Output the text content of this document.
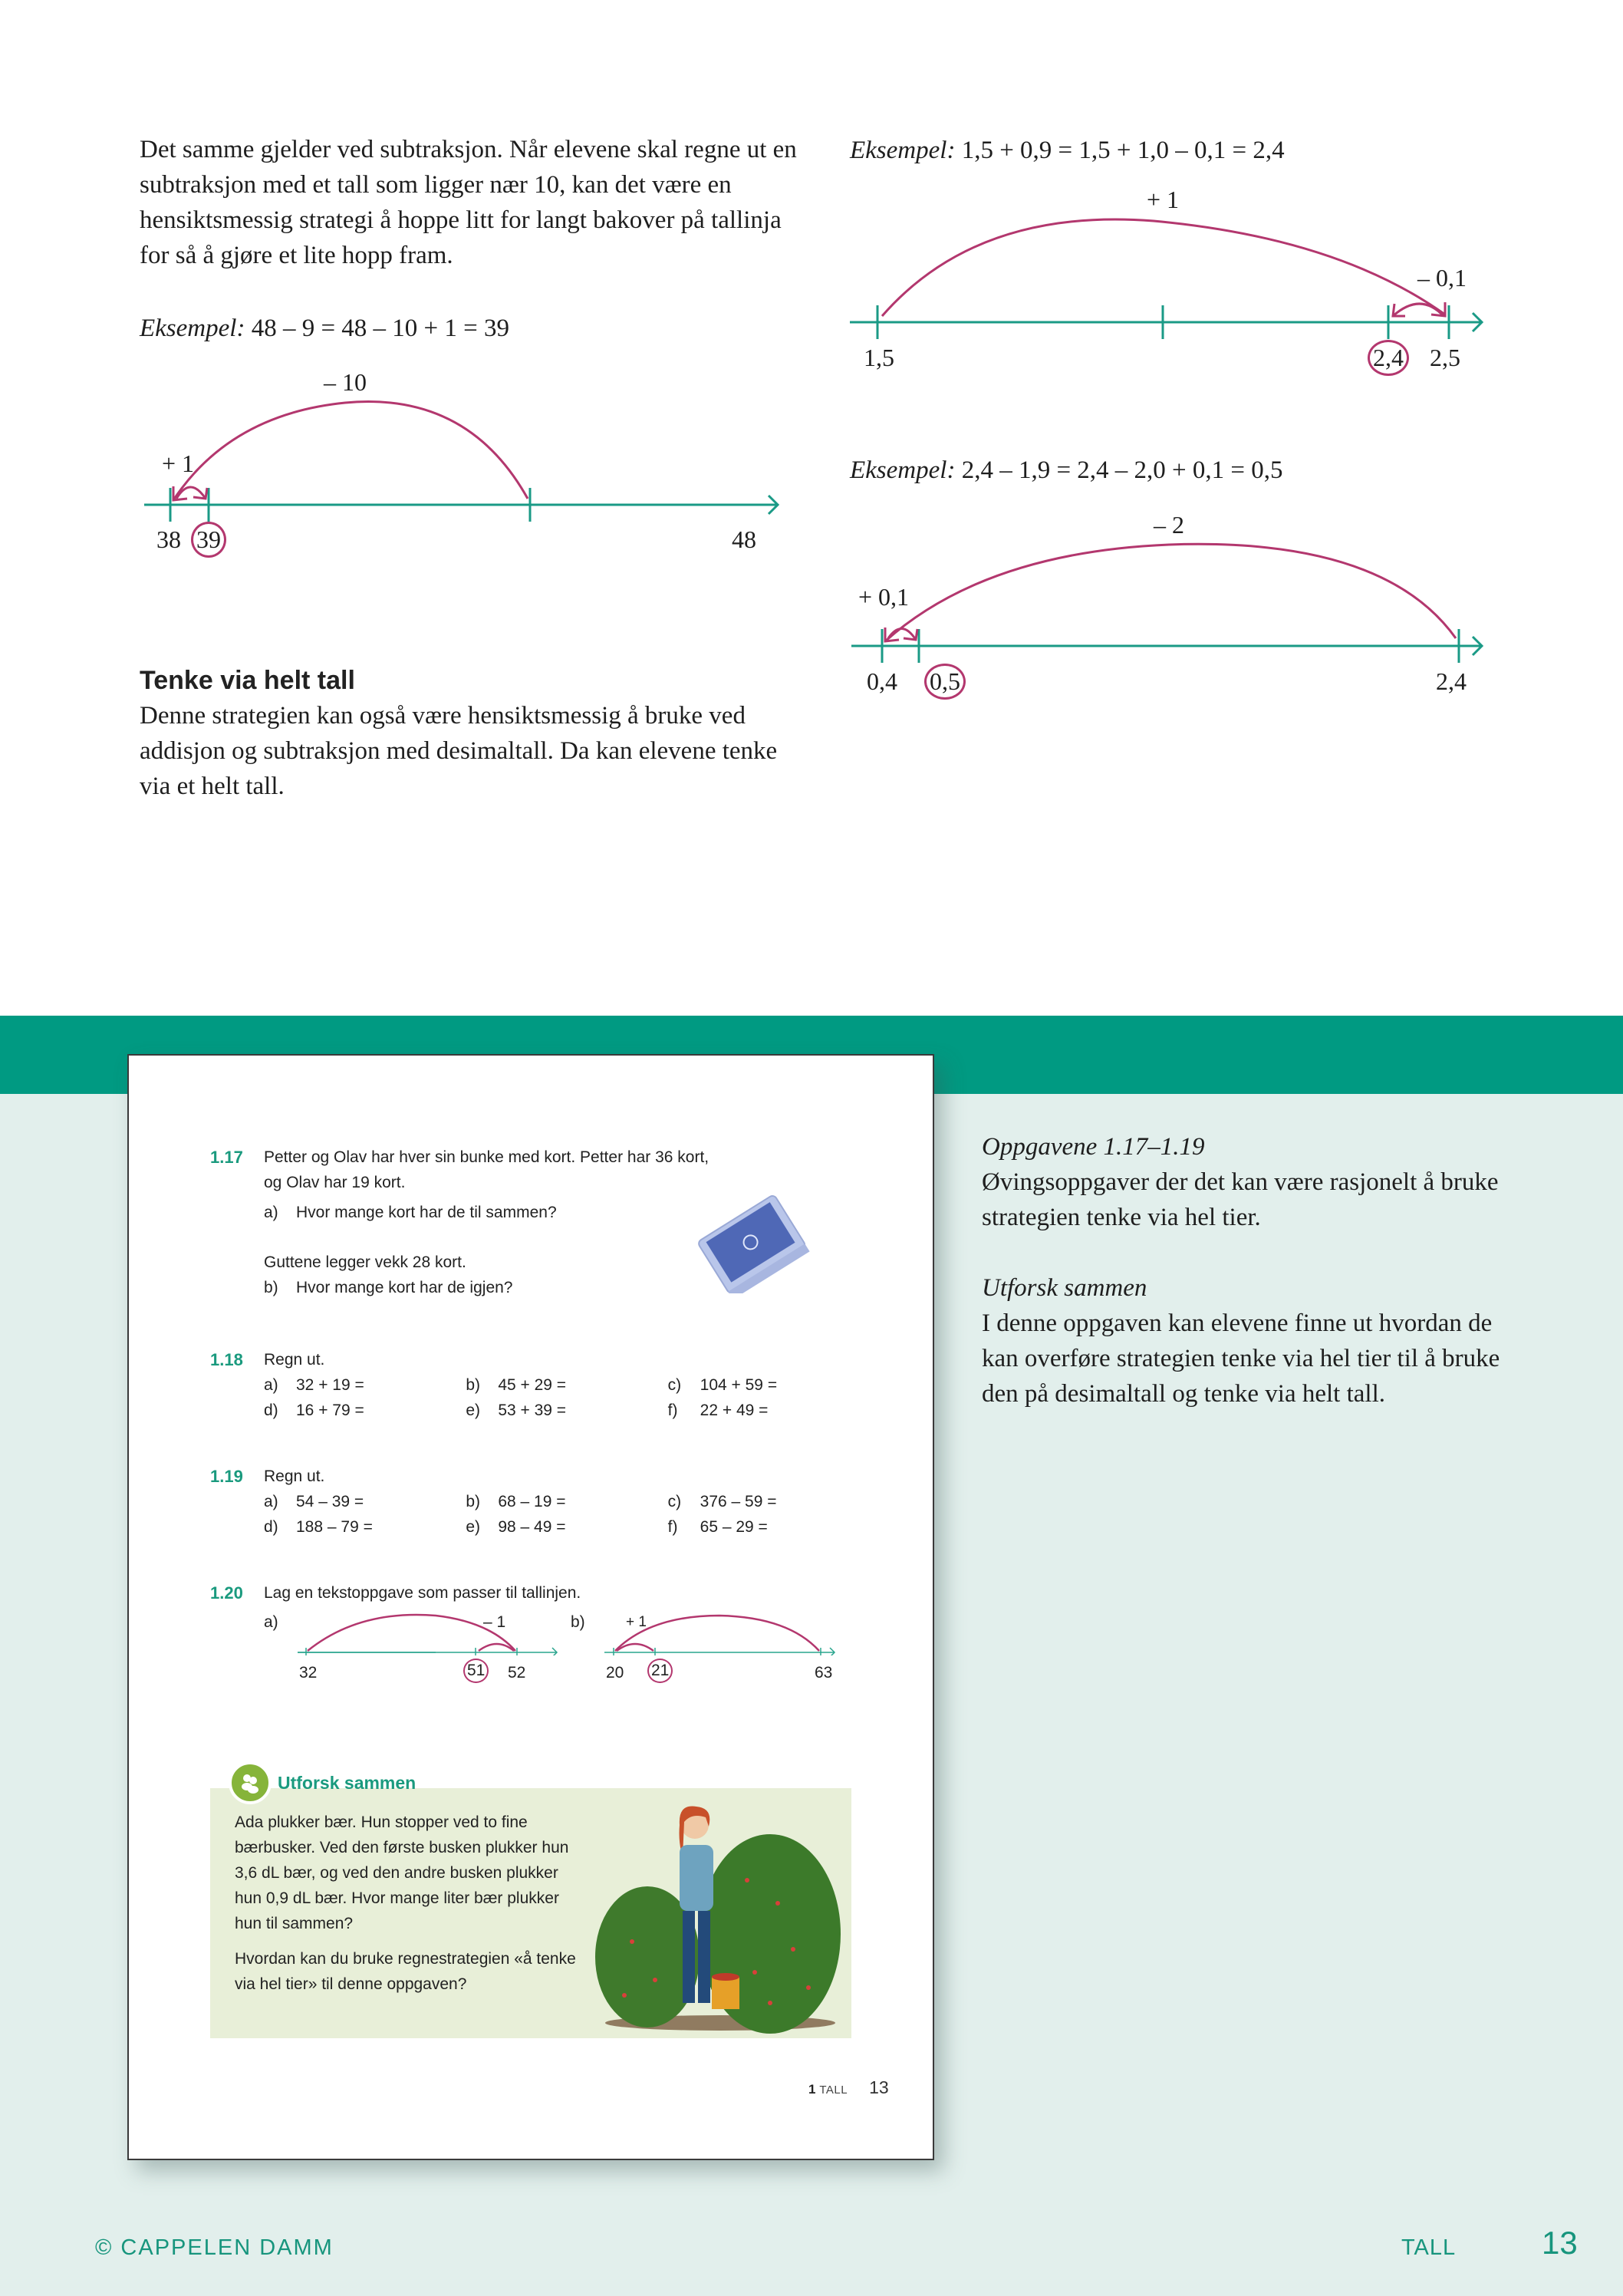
Det samme gjelder ved subtraksjon. Når elevene skal regne ut en subtraksjon med et tall som ligger nær 10, kan det være en hensiktsmessig strategi å hoppe litt for langt bakover på tallinja for så å gjøre et lite hopp fram.

Eksempel: 48 – 9 = 48 – 10 + 1 = 39
– 10
+ 1
38 39	48
Tenke via helt tall

Denne strategien kan også være hensiktsmessig å bruke ved addisjon og subtraksjon med desimaltall. Da kan elevene tenke via et helt tall.

Eksempel: 1,5 + 0,9 = 1,5 + 1,0 – 0,1 = 2,4
+ 1
– 0,1
1,5	2,4 2,5
Eksempel: 2,4 – 1,9 = 2,4 – 2,0 + 0,1 = 0,5
– 2
+ 0,1
0,4 0,5	2,4
1.17	Petter og Olav har hver sin bunke med kort. Petter har 36 kort,
og Olav har 19 kort.
a)	Hvor mange kort har de til sammen?
Guttene legger vekk 28 kort.
b)	Hvor mange kort har de igjen?
1.18	Regn ut.
a)	32 + 19 =	b)	45 + 29 =	c)	104 + 59 =
d)	16 + 79 =	e)	53 + 39 =	f)	22 + 49 =
1.19	Regn ut.
a)	54 – 39 =	b)	68 – 19 =	c)	376 – 59 =
d)	188 – 79 =	e)	98 – 49 =	f)	65 – 29 =
1.20	Lag en tekstoppgave som passer til tallinjen.
a)	b)
– 1
32	51 52
+ 1
20 21	63
Ada plukker bær. Hun stopper ved to fine bærbusker. Ved den første busken plukker hun 3,6 dL bær, og ved den andre busken plukker hun 0,9 dL bær. Hvor mange liter bær plukker hun til sammen?
Hvordan kan du bruke regnestrategien «å tenke via hel tier» til denne oppgaven?
Utforsk sammen
1 TALL 13
Oppgavene 1.17–1.19
Øvingsoppgaver der det kan være rasjonelt å bruke strategien tenke via hel tier.
Utforsk sammen
I denne oppgaven kan elevene finne ut hvordan de kan overføre strategien tenke via hel tier til å bruke den på desimaltall og tenke via helt tall.
© CAPPELEN DAMM	TALL	13
